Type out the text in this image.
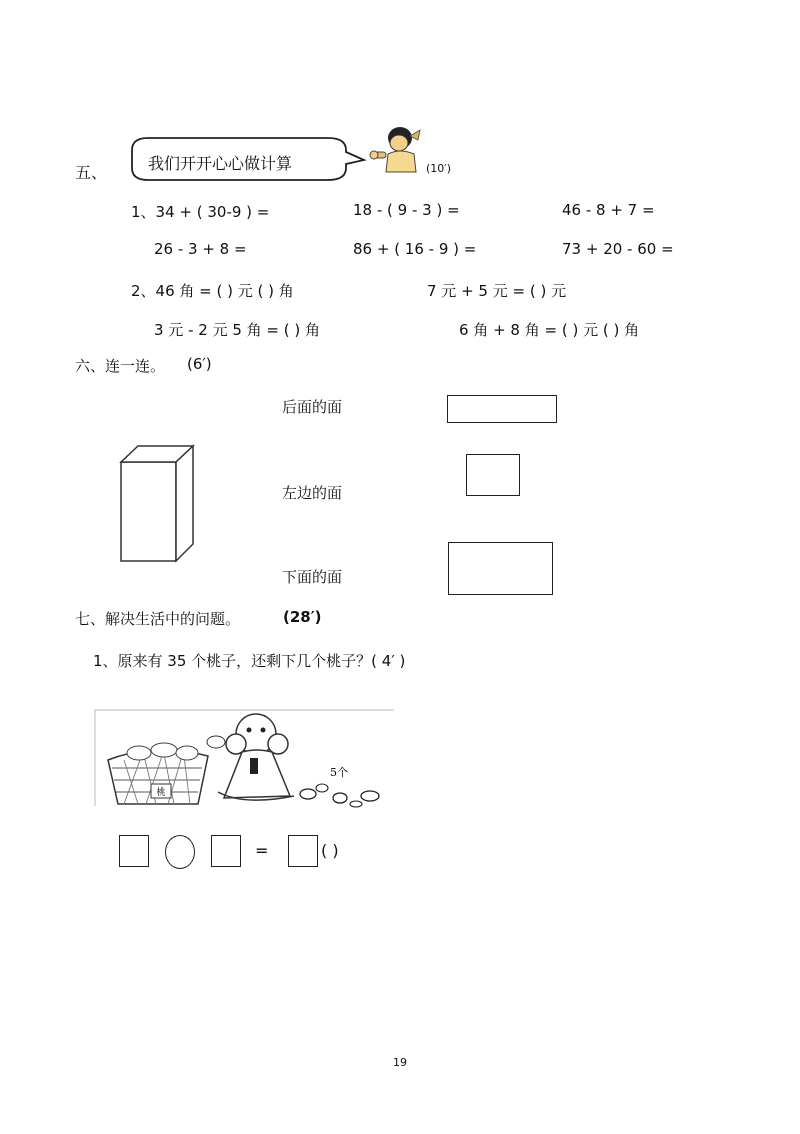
五、	我们开开心心做计算	(10′)
1、34 + ( 30-9 ) =	18 - ( 9 - 3 ) =	46 - 8 + 7 =
26 - 3 + 8 =	86 + ( 16 - 9 ) =	73 + 20 - 60 =
2、46 角 = ( ) 元 ( ) 角	7 元 + 5 元 = ( ) 元
3 元 - 2 元 5 角 = ( ) 角	6 角 + 8 角 = ( ) 元 ( ) 角
六、连一连。 (6′)
后面的面
左边的面
下面的面
七、解决生活中的问题。	(28′)
1、原来有 35 个桃子，还剩下几个桃子？( 4′ )
桃
5个
=	( )
19
